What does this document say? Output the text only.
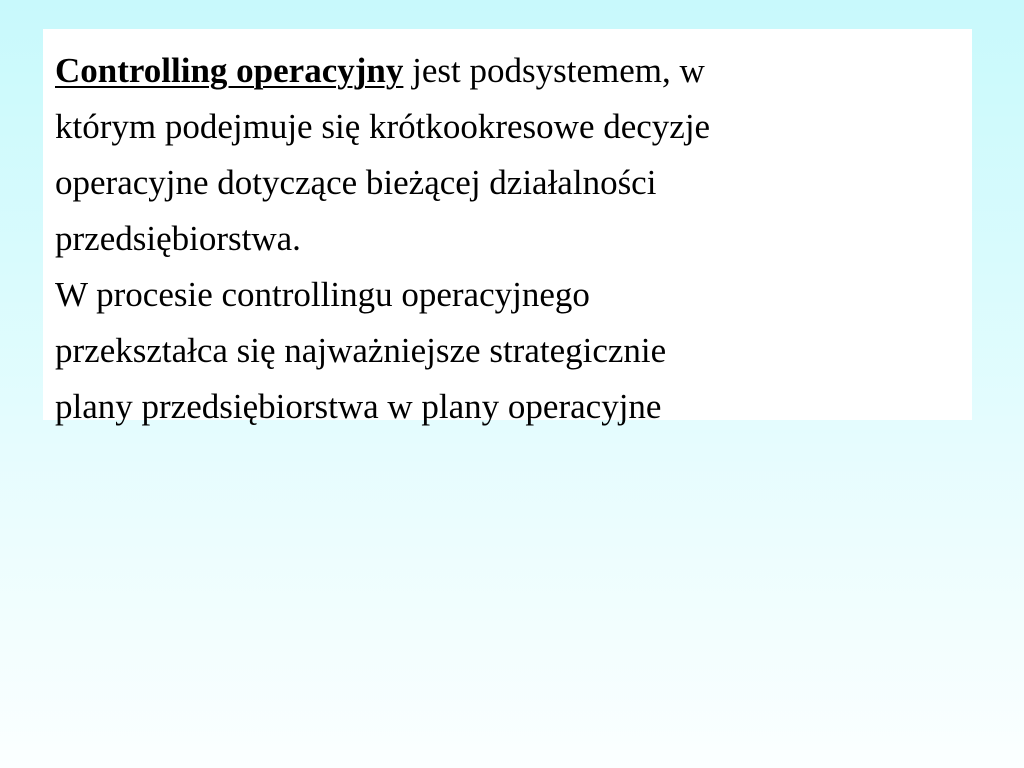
Controlling operacyjny jest podsystemem, w
którym podejmuje się krótkookresowe decyzje
operacyjne dotyczące bieżącej działalności
przedsiębiorstwa.

W procesie controllingu operacyjnego
przekształca się najważniejsze strategicznie
plany przedsiębiorstwa w plany operacyjne
